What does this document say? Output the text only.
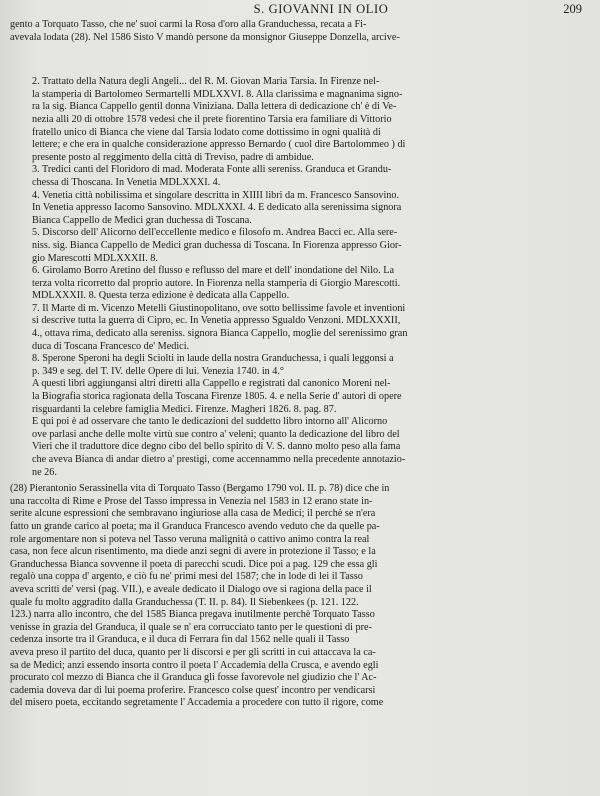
S. GIOVANNI IN OLIO	209
gento a Torquato Tasso, che ne' suoi carmi la Rosa d'oro alla Granduchessa, recata a Fi-
avevala lodata (28). Nel 1586 Sisto V mandò persone da monsignor Giuseppe Donzella, arcive-
2. Trattato della Natura degli Angeli... del R. M. Giovan Maria Tarsia. In Firenze nel-
la stamperia di Bartolomeo Sermartelli MDLXXVI. 8. Alla clarissima e magnanima signo-
ra la sig. Bianca Cappello gentil donna Viniziana. Dalla lettera di dedicazione ch' è di Ve-
nezia alli 20 di ottobre 1578 vedesi che il prete fiorentino Tarsia era familiare di Vittorio
fratello unico di Bianca che viene dal Tarsia lodato come dottissimo in ogni qualità di
lettere; e che era in qualche considerazione appresso Bernardo ( cuol dire Bartolommeo ) di
presente posto al reggimento della città di Treviso, padre di ambidue.
3. Tredici canti del Floridoro di mad. Moderata Fonte alli sereniss. Granduca et Grandu-
chessa di Thoscana. In Venetia MDLXXXI. 4.
4. Venetia città nobilissima et singolare descritta in XIIII libri da m. Francesco Sansovino.
In Venetia appresso Iacomo Sansovino. MDLXXXI. 4. È dedicato alla serenissima signora
Bianca Cappello de Medici gran duchessa di Toscana.
5. Discorso dell' Alicorno dell'eccellente medico e filosofo m. Andrea Bacci ec. Alla sere-
niss. sig. Bianca Cappello de Medici gran duchessa di Toscana. In Fiorenza appresso Gior-
gio Marescotti MDLXXXII. 8.
6. Girolamo Borro Aretino del flusso e reflusso del mare et dell' inondatione del Nilo. La
terza volta ricorretto dal proprio autore. In Fiorenza nella stamperia di Giorgio Marescotti.
MDLXXXII. 8. Questa terza edizione è dedicata alla Cappello.
7. Il Marte di m. Vicenzo Metelli Giustinopolitano, ove sotto bellissime favole et inventioni
si descrive tutta la guerra di Cipro, ec. In Venetia appresso Sgualdo Venzoni. MDLXXXII,
4., ottava rima, dedicato alla sereniss. signora Bianca Cappello, moglie del serenissimo gran
duca di Toscana Francesco de' Medici.
8. Sperone Speroni ha degli Sciolti in laude della nostra Granduchessa, i quali leggonsi a
p. 349 e seg. del T. IV. delle Opere di lui. Venezia 1740. in 4.°
A questi libri aggiungansi altri diretti alla Cappello e registrati dal canonico Moreni nel-
la Biografia storica ragionata della Toscana Firenze 1805. 4. e nella Serie d' autori di opere
risguardanti la celebre famiglia Medici. Firenze. Magheri 1826. 8. pag. 87.
E qui poi è ad osservare che tanto le dedicazioni del suddetto libro intorno all' Alicorno
ove parlasi anche delle molte virtù sue contro a' veleni; quanto la dedicazione del libro del
Vieri che il traduttore dice degno cibo del bello spirito di V. S. danno molto peso alla fama
che aveva Bianca di andar dietro a' prestigi, come accennammo nella precedente annotazio-
ne 26.
(28) Pierantonio Serassinella vita di Torquato Tasso (Bergamo 1790 vol. II. p. 78) dice che in
una raccolta di Rime e Prose del Tasso impressa in Venezia nel 1583 in 12 erano state in-
serite alcune espressioni che sembravano ingiuriose alla casa de Medici; il perchè se n'era
fatto un grande carico al poeta; ma il Granduca Francesco avendo veduto che da quelle pa-
role argomentare non si poteva nel Tasso veruna malignità o cattivo animo contra la real
casa, non fece alcun risentimento, ma diede anzi segni di avere in protezione il Tasso; e la
Granduchessa Bianca sovvenne il poeta di parecchi scudi. Dice poi a pag. 129 che essa gli
regalò una coppa d' argento, e ciò fu ne' primi mesi del 1587; che in lode di lei il Tasso
aveva scritti de' versi (pag. VII.), e aveale dedicato il Dialogo ove si ragiona della pace il
quale fu molto aggradito dalla Granduchessa (T. II. p. 84). Il Siebenkees (p. 121. 122.
123.) narra allo incontro, che del 1585 Bianca pregava inutilmente perchè Torquato Tasso
venisse in grazia del Granduca, il quale se n' era corrucciato tanto per le questioni di pre-
cedenza insorte tra il Granduca, e il duca di Ferrara fin dal 1562 nelle quali il Tasso
aveva preso il partito del duca, quanto per li discorsi e per gli scritti in cui attaccava la ca-
sa de Medici; anzi essendo insorta contro il poeta l' Accademia della Crusca, e avendo egli
procurato col mezzo di Bianca che il Granduca gli fosse favorevole nel giudizio che l' Ac-
cademia doveva dar di lui poema proferire. Francesco colse quest' incontro per vendicarsi
del misero poeta, eccitando segretamente l' Accademia a procedere con tutto il rigore, come
